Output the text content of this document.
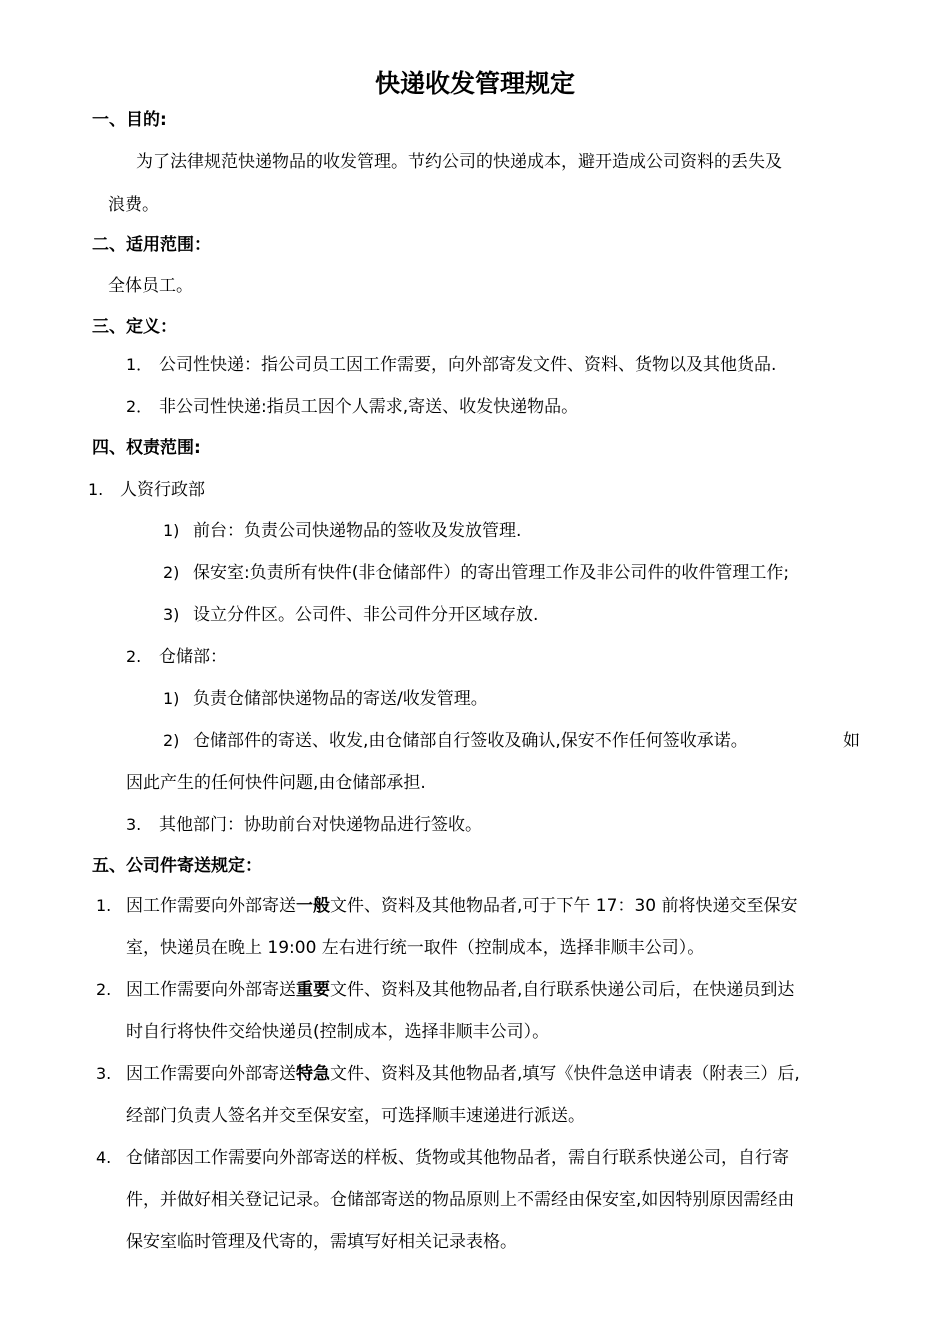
快递收发管理规定
一、目的:
为了法律规范快递物品的收发管理。节约公司的快递成本，避开造成公司资料的丢失及
浪费。
二、适用范围：
全体员工。
三、定义：
1． 公司性快递：指公司员工因工作需要，向外部寄发文件、资料、货物以及其他货品.
2． 非公司性快递:指员工因个人需求,寄送、收发快递物品。
四、权责范围:
1. 人资行政部
1) 前台：负责公司快递物品的签收及发放管理.
2) 保安室:负责所有快件(非仓储部件）的寄出管理工作及非公司件的收件管理工作;
3) 设立分件区。公司件、非公司件分开区域存放.
2. 仓储部：
1) 负责仓储部快递物品的寄送/收发管理。
2) 仓储部件的寄送、收发,由仓储部自行签收及确认,保安不作任何签收承诺。	如
因此产生的任何快件问题,由仓储部承担.
3. 其他部门：协助前台对快递物品进行签收。
五、公司件寄送规定：
1. 因工作需要向外部寄送一般文件、资料及其他物品者,可于下午 17：30 前将快递交至保安
室，快递员在晚上 19:00 左右进行统一取件（控制成本，选择非顺丰公司）。
2. 因工作需要向外部寄送重要文件、资料及其他物品者,自行联系快递公司后，在快递员到达
时自行将快件交给快递员(控制成本，选择非顺丰公司）。
3. 因工作需要向外部寄送特急文件、资料及其他物品者,填写《快件急送申请表（附表三）后,
经部门负责人签名并交至保安室，可选择顺丰速递进行派送。
4. 仓储部因工作需要向外部寄送的样板、货物或其他物品者，需自行联系快递公司，自行寄
件，并做好相关登记记录。仓储部寄送的物品原则上不需经由保安室,如因特别原因需经由
保安室临时管理及代寄的，需填写好相关记录表格。
